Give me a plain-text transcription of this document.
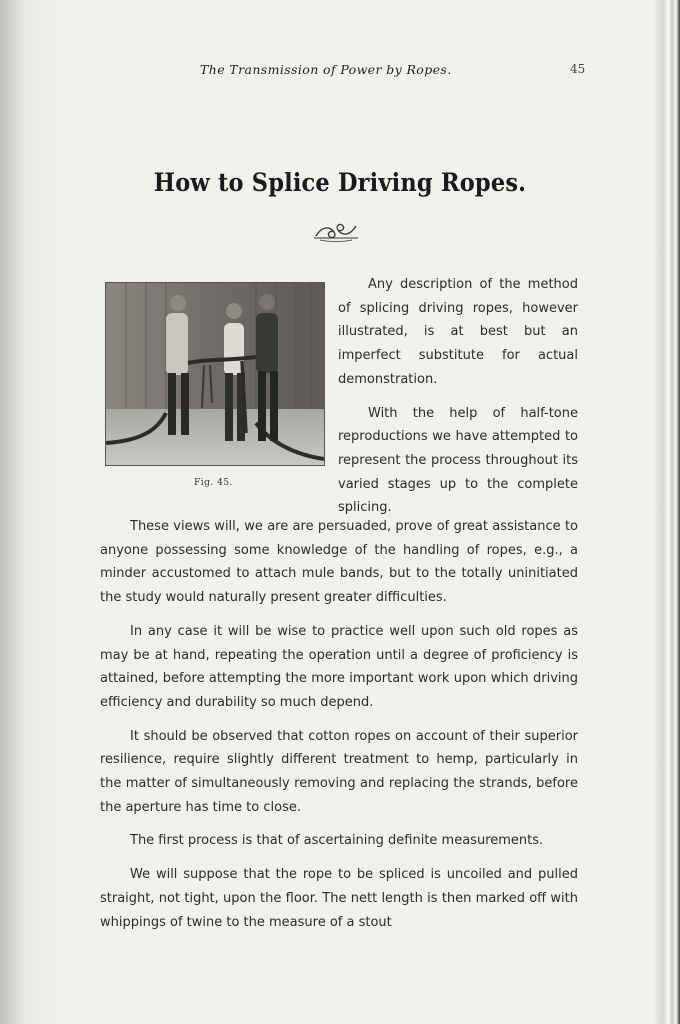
The Transmission of Power by Ropes.	45
How to Splice Driving Ropes.
Fig. 45.

Any description of the method of splicing driving ropes, however illustrated, is at best but an imperfect substitute for actual demonstration.

With the help of half-tone reproductions we have attempted to represent the process throughout its varied stages up to the complete splicing.

These views will, we are are persuaded, prove of great assistance to anyone possessing some knowledge of the handling of ropes, e.g., a minder accustomed to attach mule bands, but to the totally uninitiated the study would naturally present greater difficulties.

In any case it will be wise to practice well upon such old ropes as may be at hand, repeating the operation until a degree of proficiency is attained, before attempting the more important work upon which driving efficiency and durability so much depend.

It should be observed that cotton ropes on account of their superior resilience, require slightly different treatment to hemp, particularly in the matter of simultaneously removing and replacing the strands, before the aperture has time to close.

The first process is that of ascertaining definite measurements.

We will suppose that the rope to be spliced is uncoiled and pulled straight, not tight, upon the floor. The nett length is then marked off with whippings of twine to the measure of a stout
